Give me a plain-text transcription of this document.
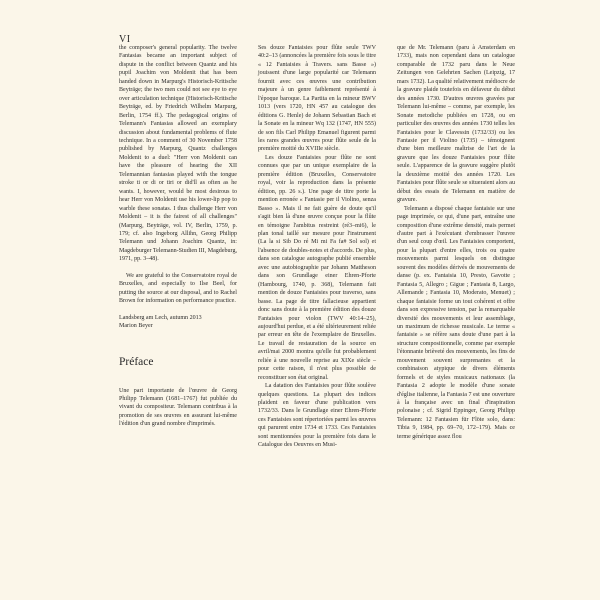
VI

the composer's general popularity. The twelve Fantasias became an important subject of dispute in the conflict between Quantz and his pupil Joachim von Moldenit that has been handed down in Marpurg's Historisch-Kritische Beyträge; the two men could not see eye to eye over articulation technique (Historisch-Kritische Beyträge, ed. by Friedrich Wilhelm Marpurg, Berlin, 1754 ff.). The pedagogical origins of Telemann's Fantasias allowed an exemplary discussion about fundamental problems of flute technique. In a comment of 30 November 1758 published by Marpurg, Quantz challenges Moldenit to a duel: "Herr von Moldenit can have the pleasure of hearing the XII Telemannian fantasias played with the tongue stroke ti or di or tiri or did'll as often as he wants. I, however, would be most desirous to hear Herr von Moldenit use his lower-lip pop to warble these sonatas. I thus challenge Herr von Moldenit – it is the fairest of all challenges" (Marpurg, Beyträge, vol. IV, Berlin, 1759, p. 179; cf. also Ingeborg Allihn, Georg Philipp Telemann und Johann Joachim Quantz, in: Magdeburger Telemann-Studien III, Magdeburg, 1971, pp. 3–48).

We are grateful to the Conservatoire royal de Bruxelles, and especially to Ilse Beel, for putting the source at our disposal, and to Rachel Brown for information on performance practice.

Landsberg am Lech, autumn 2013

Marion Beyer

Préface

Une part importante de l'œuvre de Georg Philipp Telemann (1681–1767) fut publiée du vivant du compositeur. Telemann contribua à la promotion de ses œuvres en assurant lui-même l'édition d'un grand nombre d'imprimés.

Ses douze Fantaisies pour flûte seule TWV 40:2–13 (annoncées la première fois sous le titre « 12 Fantaisies à Travers. sans Basse ») jouissent d'une large popularité car Telemann fournit avec ces œuvres une contribution majeure à un genre faiblement représenté à l'époque baroque. La Partita en la mineur BWV 1013 (vers 1720, HN 457 au catalogue des éditions G. Henle) de Johann Sebastian Bach et la Sonate en la mineur Wq 132 (1747, HN 555) de son fils Carl Philipp Emanuel figurent parmi les rares grandes œuvres pour flûte seule de la première moitié du XVIIIe siècle.

Les douze Fantaisies pour flûte ne sont connues que par un unique exemplaire de la première édition (Bruxelles, Conservatoire royal, voir la reproduction dans la présente édition, pp. 26 s.). Une page de titre porte la mention erronée « Fantasie per il Violino, senza Basso ». Mais il ne fait guère de doute qu'il s'agit bien là d'une œuvre conçue pour la flûte en témoigne l'ambitus restreint (ré3–mi6), le plan tonal taillé sur mesure pour l'instrument (La la si Sib Do ré Mi mi Fa fa# Sol sol) et l'absence de doubles-notes et d'accords. De plus, dans son catalogue autographe publié ensemble avec une autobiographie par Johann Mattheson dans son Grundlage einer Ehren-Pforte (Hambourg, 1740, p. 368), Telemann fait mention de douze Fantaisies pour traverso, sans basse. La page de titre fallacieuse appartient donc sans doute à la première édition des douze Fantaisies pour violon (TWV 40:14–25), aujourd'hui perdue, et a été ultérieurement reliée par erreur en tête de l'exemplaire de Bruxelles. Le travail de restauration de la source en avril/mai 2000 montra qu'elle fut probablement reliée à une nouvelle reprise au XIXe siècle – pour cette raison, il n'est plus possible de reconstituer son état original.

La datation des Fantaisies pour flûte soulève quelques questions. La plupart des indices plaident en faveur d'une publication vers 1732/33. Dans le Grundlage einer Ehren-Pforte ces Fantaisies sont répertoriées parmi les œuvres qui parurent entre 1734 et 1733. Ces Fantaisies sont mentionnées pour la première fois dans le Catalogue des Oeuvres en Musi-

que de Mr. Telemann (paru à Amsterdam en 1733), mais non cependant dans un catalogue comparable de 1732 paru dans le Neue Zeitungen von Gelehrten Sachen (Leipzig, 17 mars 1732). La qualité relativement médiocre de la gravure plaide toutefois en défaveur du début des années 1730. D'autres œuvres gravées par Telemann lui-même – comme, par exemple, les Sonate metodiche publiées en 1728, ou en particulier des œuvres des années 1730 telles les Fantaisies pour le Clavessin (1732/33) ou les Fantasie per il Violino (1735) – témoignent d'une bien meilleure maîtrise de l'art de la gravure que les douze Fantaisies pour flûte seule. L'apparence de la gravure suggère plutôt la deuxième moitié des années 1720. Les Fantaisies pour flûte seule se situeraient alors au début des essais de Telemann en matière de gravure.

Telemann a disposé chaque fantaisie sur une page imprimée, ce qui, d'une part, entraîne une composition d'une extrême densité, mais permet d'autre part à l'exécutant d'embrasser l'œuvre d'un seul coup d'œil. Les Fantaisies comportent, pour la plupart d'entre elles, trois ou quatre mouvements parmi lesquels on distingue souvent des modèles dérivés de mouvements de danse (p. ex. Fantaisia 10, Presto, Gavotte ; Fantasia 5, Allegro ; Gigue ; Fantasia 8, Largo, Allemande ; Fantasia 10, Moderato, Menuet) ; chaque fantaisie forme un tout cohérent et offre dans son expressive tension, par la remarquable diversité des mouvements et leur assemblage, un maximum de richesse musicale. Le terme « fantaisie » se réfère sans doute d'une part à la structure compositionnelle, comme par exemple l'étonnante brièveté des mouvements, les fins de mouvement souvent surprenantes et la combinaison atypique de divers éléments formels et de styles musicaux nationaux (la Fantasia 2 adopte le modèle d'une sonate d'église italienne, la Fantasia 7 est une ouverture à la française avec un final d'inspiration polonaise ; cf. Sigrid Eppinger, Georg Philipp Telemann: 12 Fantasien für Flöte solo, dans: Tibia 9, 1984, pp. 69–70, 172–179). Mais ce terme générique assez flou
